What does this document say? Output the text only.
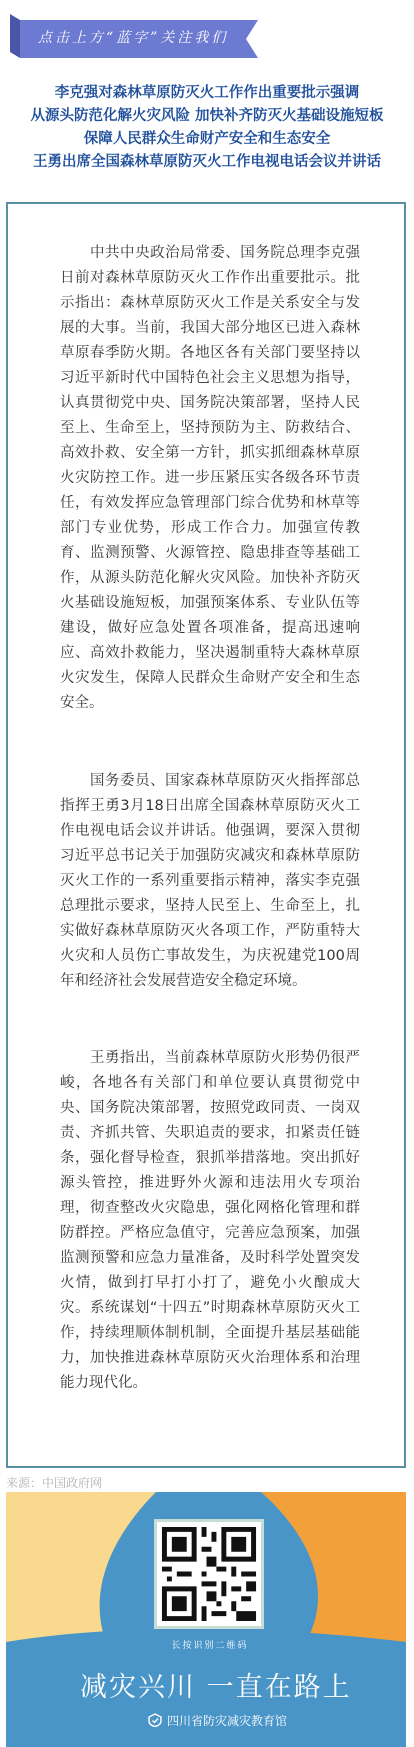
点击上方“蓝字”关注我们
李克强对森林草原防灭火工作作出重要批示强调
从源头防范化解火灾风险 加快补齐防灭火基础设施短板
保障人民群众生命财产安全和生态安全
王勇出席全国森林草原防灭火工作电视电话会议并讲话

中共中央政治局常委、国务院总理李克强日前对森林草原防灭火工作作出重要批示。批示指出：森林草原防灭火工作是关系安全与发展的大事。当前，我国大部分地区已进入森林草原春季防火期。各地区各有关部门要坚持以习近平新时代中国特色社会主义思想为指导，认真贯彻党中央、国务院决策部署，坚持人民至上、生命至上，坚持预防为主、防救结合、高效扑救、安全第一方针，抓实抓细森林草原火灾防控工作。进一步压紧压实各级各环节责任，有效发挥应急管理部门综合优势和林草等部门专业优势，形成工作合力。加强宣传教育、监测预警、火源管控、隐患排查等基础工作，从源头防范化解火灾风险。加快补齐防灭火基础设施短板，加强预案体系、专业队伍等建设，做好应急处置各项准备，提高迅速响应、高效扑救能力，坚决遏制重特大森林草原火灾发生，保障人民群众生命财产安全和生态安全。

国务委员、国家森林草原防灭火指挥部总指挥王勇3月18日出席全国森林草原防灭火工作电视电话会议并讲话。他强调，要深入贯彻习近平总书记关于加强防灾减灾和森林草原防灭火工作的一系列重要指示精神，落实李克强总理批示要求，坚持人民至上、生命至上，扎实做好森林草原防灭火各项工作，严防重特大火灾和人员伤亡事故发生，为庆祝建党100周年和经济社会发展营造安全稳定环境。

王勇指出，当前森林草原防火形势仍很严峻，各地各有关部门和单位要认真贯彻党中央、国务院决策部署，按照党政同责、一岗双责、齐抓共管、失职追责的要求，扣紧责任链条，强化督导检查，狠抓举措落地。突出抓好源头管控，推进野外火源和违法用火专项治理，彻查整改火灾隐患，强化网格化管理和群防群控。严格应急值守，完善应急预案，加强监测预警和应急力量准备，及时科学处置突发火情，做到打早打小打了，避免小火酿成大灾。系统谋划“十四五”时期森林草原防灭火工作，持续理顺体制机制，全面提升基层基础能力，加快推进森林草原防灭火治理体系和治理能力现代化。

来源：中国政府网
长按识别二维码
减灾兴川 一直在路上
四川省防灾减灾教育馆
